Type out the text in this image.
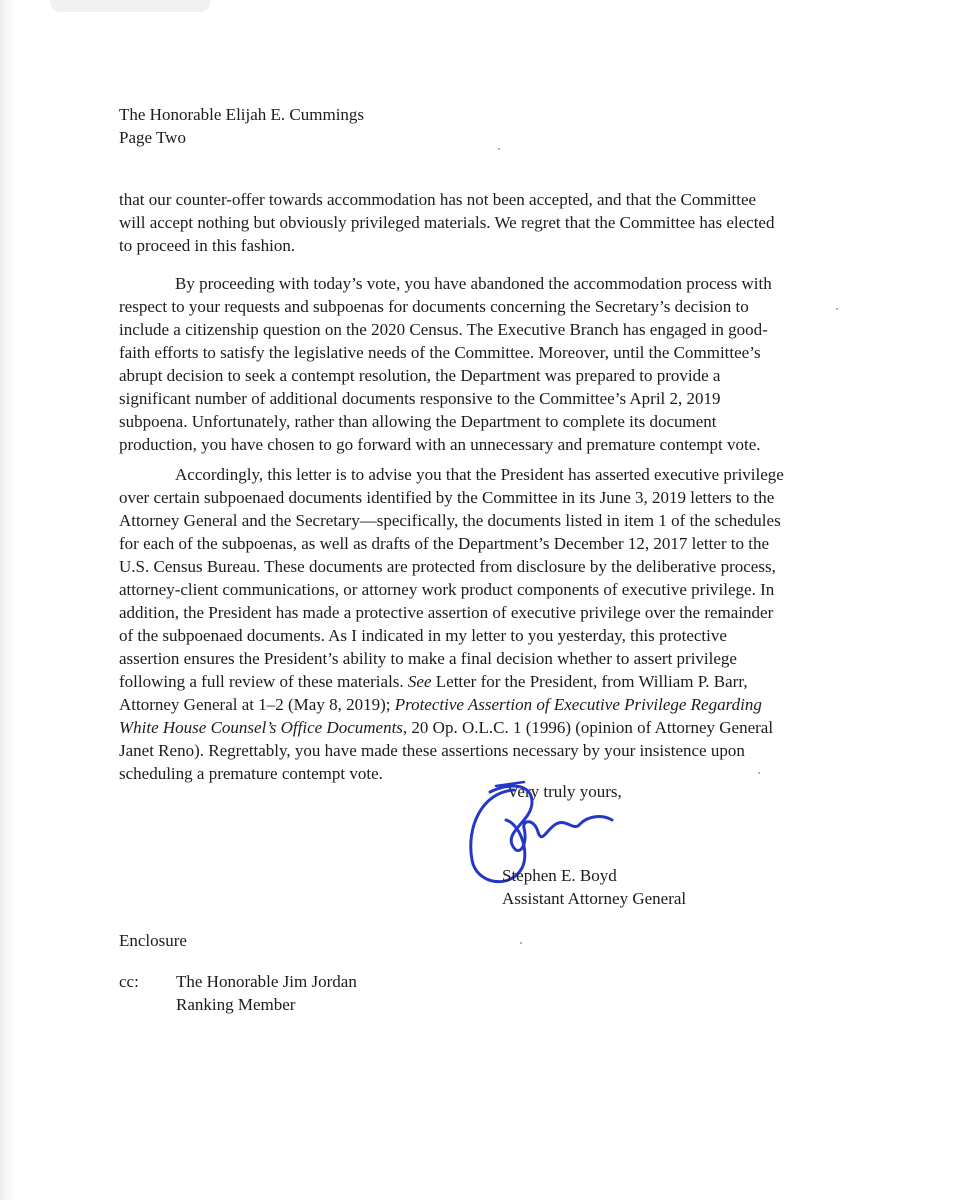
The Honorable Elijah E. Cummings
Page Two

that our counter-offer towards accommodation has not been accepted, and that the Committee
will accept nothing but obviously privileged materials. We regret that the Committee has elected
to proceed in this fashion.

By proceeding with today’s vote, you have abandoned the accommodation process with
respect to your requests and subpoenas for documents concerning the Secretary’s decision to
include a citizenship question on the 2020 Census. The Executive Branch has engaged in good-
faith efforts to satisfy the legislative needs of the Committee. Moreover, until the Committee’s
abrupt decision to seek a contempt resolution, the Department was prepared to provide a
significant number of additional documents responsive to the Committee’s April 2, 2019
subpoena. Unfortunately, rather than allowing the Department to complete its document
production, you have chosen to go forward with an unnecessary and premature contempt vote.

Accordingly, this letter is to advise you that the President has asserted executive privilege
over certain subpoenaed documents identified by the Committee in its June 3, 2019 letters to the
Attorney General and the Secretary—specifically, the documents listed in item 1 of the schedules
for each of the subpoenas, as well as drafts of the Department’s December 12, 2017 letter to the
U.S. Census Bureau. These documents are protected from disclosure by the deliberative process,
attorney-client communications, or attorney work product components of executive privilege. In
addition, the President has made a protective assertion of executive privilege over the remainder
of the subpoenaed documents. As I indicated in my letter to you yesterday, this protective
assertion ensures the President’s ability to make a final decision whether to assert privilege
following a full review of these materials. See Letter for the President, from William P. Barr,
Attorney General at 1–2 (May 8, 2019); Protective Assertion of Executive Privilege Regarding
White House Counsel’s Office Documents, 20 Op. O.L.C. 1 (1996) (opinion of Attorney General
Janet Reno). Regrettably, you have made these assertions necessary by your insistence upon
scheduling a premature contempt vote.

Very truly yours,
Stephen E. Boyd
Assistant Attorney General
Enclosure
cc: The Honorable Jim Jordan
Ranking Member
